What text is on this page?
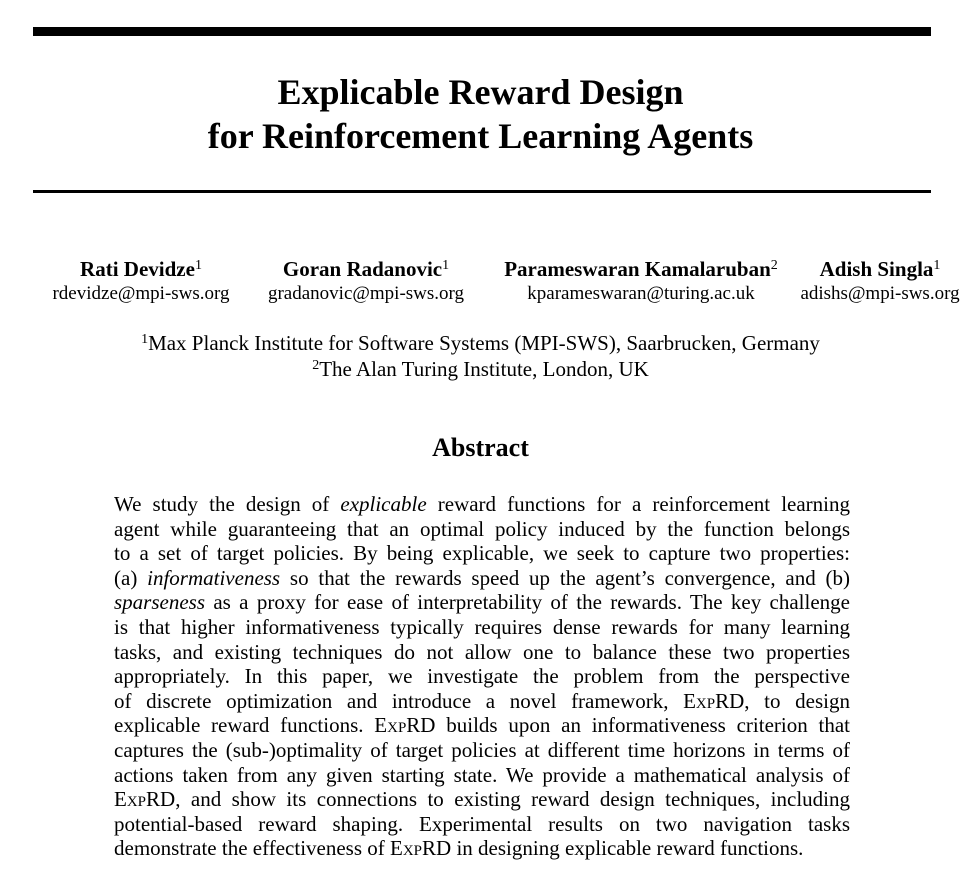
Explicable Reward Design
for Reinforcement Learning Agents
Rati Devidze$^1$
rdevidze@mpi-sws.org
Goran Radanovic$^1$
gradanovic@mpi-sws.org
Parameswaran Kamalaruban$^2$
kparameswaran@turing.ac.uk
Adish Singla$^1$
adishs@mpi-sws.org
$^1$Max Planck Institute for Software Systems (MPI-SWS), Saarbrucken, Germany
$^2$The Alan Turing Institute, London, UK
Abstract
We study the design of explicable reward functions for a reinforcement learning
agent while guaranteeing that an optimal policy induced by the function belongs
to a set of target policies. By being explicable, we seek to capture two properties:
(a) informativeness so that the rewards speed up the agent’s convergence, and (b)
sparseness as a proxy for ease of interpretability of the rewards. The key challenge
is that higher informativeness typically requires dense rewards for many learning
tasks, and existing techniques do not allow one to balance these two properties
appropriately. In this paper, we investigate the problem from the perspective
of discrete optimization and introduce a novel framework, ExpRD, to design
explicable reward functions. ExpRD builds upon an informativeness criterion that
captures the (sub-)optimality of target policies at different time horizons in terms of
actions taken from any given starting state. We provide a mathematical analysis of
ExpRD, and show its connections to existing reward design techniques, including
potential-based reward shaping. Experimental results on two navigation tasks
demonstrate the effectiveness of ExpRD in designing explicable reward functions.
